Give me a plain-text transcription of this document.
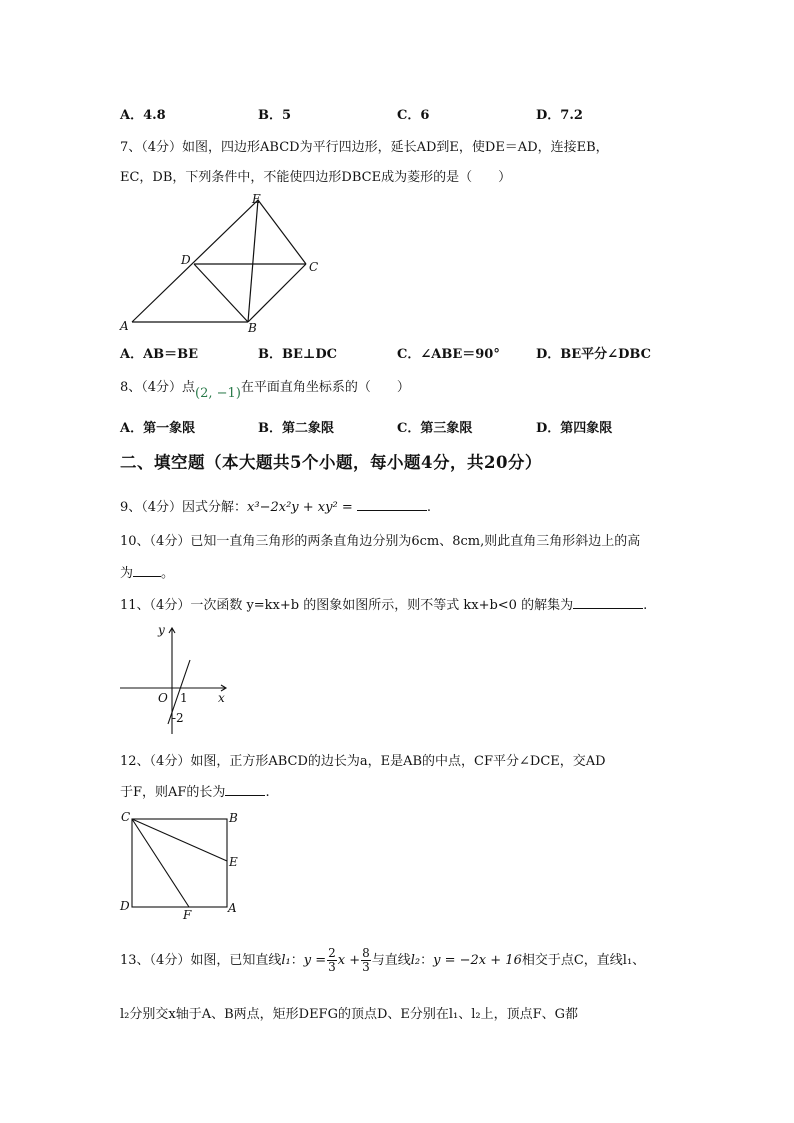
A．4.8	B．5	C．6	D．7.2
7、（4分）如图，四边形ABCD为平行四边形，延长AD到E，使DE＝AD，连接EB，
EC，DB，下列条件中，不能使四边形DBCE成为菱形的是（　　）
E
D	C
A	B
A．AB＝BE	B．BE⊥DC	C．∠ABE＝90°	D．BE平分∠DBC
8、（4分）点(2, −1)在平面直角坐标系的（　　）
A．第一象限	B．第二象限	C．第三象限	D．第四象限
二、填空题（本大题共5个小题，每小题4分，共20分）
9、（4分）因式分解：x³−2x²y + xy² =	.
10、（4分）已知一直角三角形的两条直角边分别为6cm、8cm,则此直角三角形斜边上的高
为 。
11、（4分）一次函数 y=kx+b 的图象如图所示，则不等式 kx+b<0 的解集为	.
y
x
O 1
-2
12、（4分）如图，正方形ABCD的边长为a，E是AB的中点，CF平分∠DCE，交AD
于F，则AF的长为	.
C	B
E
D
F	A
13、（4分）如图，已知直线l₁：$y = \frac{2}{3}$ $x + \frac{8}{3}$ 与直线l₂：y = −2x + 16相交于点C，直线l₁、
l₂分别交x轴于A、B两点，矩形DEFG的顶点D、E分别在l₁、l₂上，顶点F、G都
